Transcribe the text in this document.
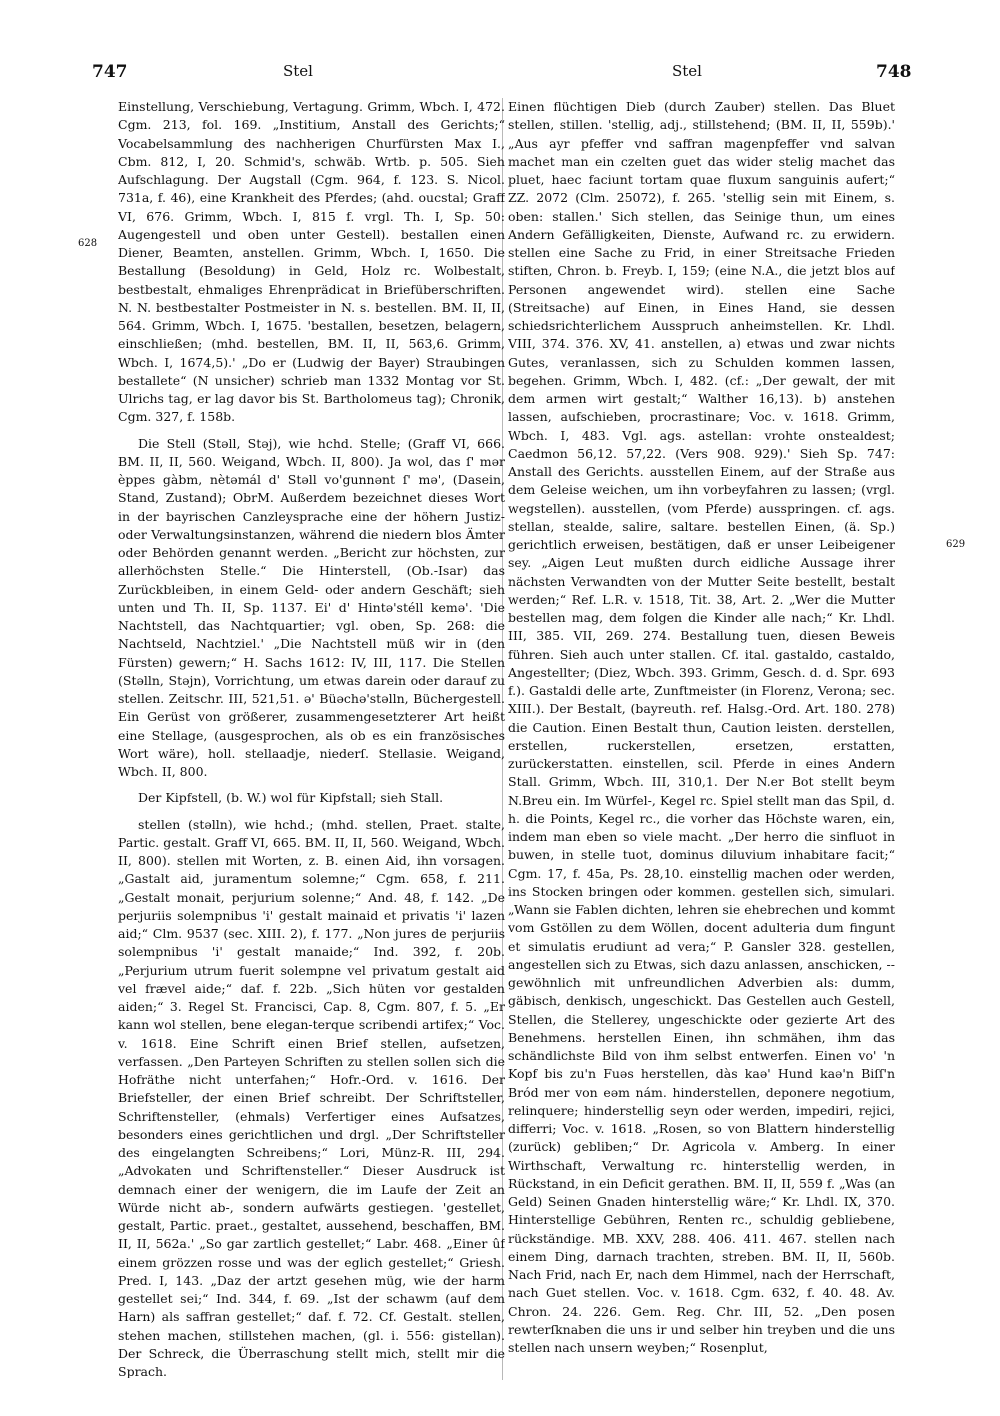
747	Stel	Stel	748
628
629

Einstellung, Verschiebung, Vertagung. Grimm, Wbch. I, 472. Cgm. 213, fol. 169. „Institium, Anstall des Gerichts;“ Vocabelsammlung des nachherigen Churfürsten Max I., Cbm. 812, I, 20. Schmid's, schwäb. Wrtb. p. 505. Sieh Aufschlagung. Der Augstall (Cgm. 964, f. 123. S. Nicol. 731a, f. 46), eine Krankheit des Pferdes; (ahd. oucstal; Graff VI, 676. Grimm, Wbch. I, 815 f. vrgl. Th. I, Sp. 50: Augengestell und oben unter Gestell). bestallen einen Diener, Beamten, anstellen. Grimm, Wbch. I, 1650. Die Bestallung (Besoldung) in Geld, Holz rc. Wolbestalt, bestbestalt, ehmaliges Ehrenprädicat in Briefüberschriften. N. N. bestbestalter Postmeister in N. s. bestellen. BM. II, II, 564. Grimm, Wbch. I, 1675. 'bestallen, besetzen, belagern, einschließen; (mhd. bestellen, BM. II, II, 563,6. Grimm, Wbch. I, 1674,5).' „Do er (Ludwig der Bayer) Straubingen bestallete“ (N unsicher) schrieb man 1332 Montag vor St. Ulrichs tag, er lag davor bis St. Bartholomeus tag); Chronik, Cgm. 327, f. 158b.

Die Stell (Stəll, Stəj), wie hchd. Stelle; (Graff VI, 666. BM. II, II, 560. Weigand, Wbch. II, 800). Ja wol, das ſ' mər èppes gàbm, nètəmál d' Stəll vo'gunnənt ſ' mə', (Dasein, Stand, Zustand); ObrM. Außerdem bezeichnet dieses Wort in der bayrischen Canzleysprache eine der höhern Justiz- oder Verwaltungsinstanzen, während die niedern blos Ämter oder Behörden genannt werden. „Bericht zur höchsten, zur allerhöchsten Stelle.“ Die Hinterstell, (Ob.-Isar) das Zurückbleiben, in einem Geld- oder andern Geschäft; sieh unten und Th. II, Sp. 1137. Ei' d' Hintə'stéll kemə'. 'Die Nachtstell, das Nachtquartier; vgl. oben, Sp. 268: die Nachtseld, Nachtziel.' „Die Nachtstell müß wir in (den Fürsten) gewern;“ H. Sachs 1612: IV, III, 117. Die Stellen (Stəlln, Stəjn), Vorrichtung, um etwas darein oder darauf zu stellen. Zeitschr. III, 521,51. ə' Büəchə'stəlln, Büchergestell. Ein Gerüst von größerer, zusammengesetzterer Art heißt eine Stellage, (ausgesprochen, als ob es ein französisches Wort wäre), holl. stellaadje, niederſ. Stellasie. Weigand, Wbch. II, 800.

Der Kipfstell, (b. W.) wol für Kipfstall; sieh Stall.

stellen (stəlln), wie hchd.; (mhd. stellen, Praet. stalte, Partic. gestalt. Graff VI, 665. BM. II, II, 560. Weigand, Wbch. II, 800). stellen mit Worten, z. B. einen Aid, ihn vorsagen. „Gastalt aid, juramentum solemne;“ Cgm. 658, f. 211. „Gestalt monait, perjurium solenne;“ And. 48, f. 142. „De perjuriis solempnibus 'i' gestalt mainaid et privatis 'i' lazen aid;“ Clm. 9537 (sec. XIII. 2), f. 177. „Non jures de perjuriis solempnibus 'i' gestalt manaide;“ Ind. 392, f. 20b. „Perjurium utrum fuerit solempne vel privatum gestalt aid vel frævel aide;“ daf. f. 22b. „Sich hüten vor gestalden aiden;“ 3. Regel St. Francisci, Cap. 8, Cgm. 807, f. 5. „Er kann wol stellen, bene elegan-terque scribendi artifex;“ Voc. v. 1618. Eine Schrift einen Brief stellen, aufsetzen, verfassen. „Den Parteyen Schriften zu stellen sollen sich die Hofräthe nicht unterfahen;“ Hofr.-Ord. v. 1616. Der Briefsteller, der einen Brief schreibt. Der Schriftsteller, Schriftensteller, (ehmals) Verfertiger eines Aufsatzes, besonders eines gerichtlichen und drgl. „Der Schriftsteller des eingelangten Schreibens;“ Lori, Münz-R. III, 294. „Advokaten und Schriftensteller.“ Dieser Ausdruck ist demnach einer der wenigern, die im Laufe der Zeit an Würde nicht ab-, sondern aufwärts gestiegen. 'gestellet, gestalt, Partic. praet., gestaltet, aussehend, beschaffen, BM. II, II, 562a.' „So gar zartlich gestellet;“ Labr. 468. „Einer ûf einem grözzen rosse und was der eglich gestellet;“ Griesh. Pred. I, 143. „Daz der artzt gesehen müg, wie der harm gestellet sei;“ Ind. 344, f. 69. „Ist der schawm (auf dem Harn) als saffran gestellet;“ daf. f. 72. Cf. Gestalt. stellen, stehen machen, stillstehen machen, (gl. i. 556: gistellan). Der Schreck, die Überraschung stellt mich, stellt mir die Sprach.

Einen flüchtigen Dieb (durch Zauber) stellen. Das Bluet stellen, stillen. 'stellig, adj., stillstehend; (BM. II, II, 559b).' „Aus ayr pfeffer vnd saffran magenpfeffer vnd salvan machet man ein czelten guet das wider stelig machet das pluet, haec faciunt tortam quae fluxum sanguinis aufert;“ ZZ. 2072 (Clm. 25072), f. 265. 'stellig sein mit Einem, s. oben: stallen.' Sich stellen, das Seinige thun, um eines Andern Gefälligkeiten, Dienste, Aufwand rc. zu erwidern. stellen eine Sache zu Frid, in einer Streitsache Frieden stiften, Chron. b. Freyb. I, 159; (eine N.A., die jetzt blos auf Personen angewendet wird). stellen eine Sache (Streitsache) auf Einen, in Eines Hand, sie dessen schiedsrichterlichem Ausspruch anheimstellen. Kr. Lhdl. VIII, 374. 376. XV, 41. anstellen, a) etwas und zwar nichts Gutes, veranlassen, sich zu Schulden kommen lassen, begehen. Grimm, Wbch. I, 482. (cf.: „Der gewalt, der mit dem armen wirt gestalt;“ Walther 16,13). b) anstehen lassen, aufschieben, procrastinare; Voc. v. 1618. Grimm, Wbch. I, 483. Vgl. ags. astellan: vrohte onstealdest; Caedmon 56,12. 57,22. (Vers 908. 929).' Sieh Sp. 747: Anstall des Gerichts. ausstellen Einem, auf der Straße aus dem Geleise weichen, um ihn vorbeyfahren zu lassen; (vrgl. wegstellen). ausstellen, (vom Pferde) ausspringen. cf. ags. stellan, stealde, salire, saltare. bestellen Einen, (ä. Sp.) gerichtlich erweisen, bestätigen, daß er unser Leibeigener sey. „Aigen Leut mußten durch eidliche Aussage ihrer nächsten Verwandten von der Mutter Seite bestellt, bestalt werden;“ Ref. L.R. v. 1518, Tit. 38, Art. 2. „Wer die Mutter bestellen mag, dem folgen die Kinder alle nach;“ Kr. Lhdl. III, 385. VII, 269. 274. Bestallung tuen, diesen Beweis führen. Sieh auch unter stallen. Cf. ital. gastaldo, castaldo, Angestellter; (Diez, Wbch. 393. Grimm, Gesch. d. d. Spr. 693 f.). Gastaldi delle arte, Zunftmeister (in Florenz, Verona; sec. XIII.). Der Bestalt, (bayreuth. ref. Halsg.-Ord. Art. 180. 278) die Caution. Einen Bestalt thun, Caution leisten. derstellen, erstellen, ruckerstellen, ersetzen, erstatten, zurückerstatten. einstellen, scil. Pferde in eines Andern Stall. Grimm, Wbch. III, 310,1. Der N.er Bot stellt beym N.Breu ein. Im Würfel-, Kegel rc. Spiel stellt man das Spil, d. h. die Points, Kegel rc., die vorher das Höchste waren, ein, indem man eben so viele macht. „Der herro die sinfluot in buwen, in stelle tuot, dominus diluvium inhabitare facit;“ Cgm. 17, f. 45a, Ps. 28,10. einstellig machen oder werden, ins Stocken bringen oder kommen. gestellen sich, simulari. „Wann sie Fablen dichten, lehren sie ehebrechen und kommt vom Gstöllen zu dem Wöllen, docent adulteria dum fingunt et simulatis erudiunt ad vera;“ P. Gansler 328. gestellen, angestellen sich zu Etwas, sich dazu anlassen, anschicken, -- gewöhnlich mit unfreundlichen Adverbien als: dumm, gäbisch, denkisch, ungeschickt. Das Gestellen auch Gestell, Stellen, die Stellerey, ungeschickte oder gezierte Art des Benehmens. herstellen Einen, ihn schmähen, ihm das schändlichste Bild von ihm selbst entwerfen. Einen vo' 'n Kopf bis zu'n Fuəs herstellen, dàs kaə' Hund kaə'n Biſſ'n Bród mer von eəm nám. hinderstellen, deponere negotium, relinquere; hinderstellig seyn oder werden, impediri, rejici, differri; Voc. v. 1618. „Rosen, so von Blattern hinderstellig (zurück) gebliben;“ Dr. Agricola v. Amberg. In einer Wirthschaft, Verwaltung rc. hinterstellig werden, in Rückstand, in ein Deficit gerathen. BM. II, II, 559 f. „Was (an Geld) Seinen Gnaden hinterstellig wäre;“ Kr. Lhdl. IX, 370. Hinterstellige Gebühren, Renten rc., schuldig gebliebene, rückständige. MB. XXV, 288. 406. 411. 467. stellen nach einem Ding, darnach trachten, streben. BM. II, II, 560b. Nach Frid, nach Er, nach dem Himmel, nach der Herrschaft, nach Guet stellen. Voc. v. 1618. Cgm. 632, f. 40. 48. Av. Chron. 24. 226. Gem. Reg. Chr. III, 52. „Den posen rewterſknaben die uns ir und selber hin treyben und die uns stellen nach unsern weyben;“ Rosenplut,
